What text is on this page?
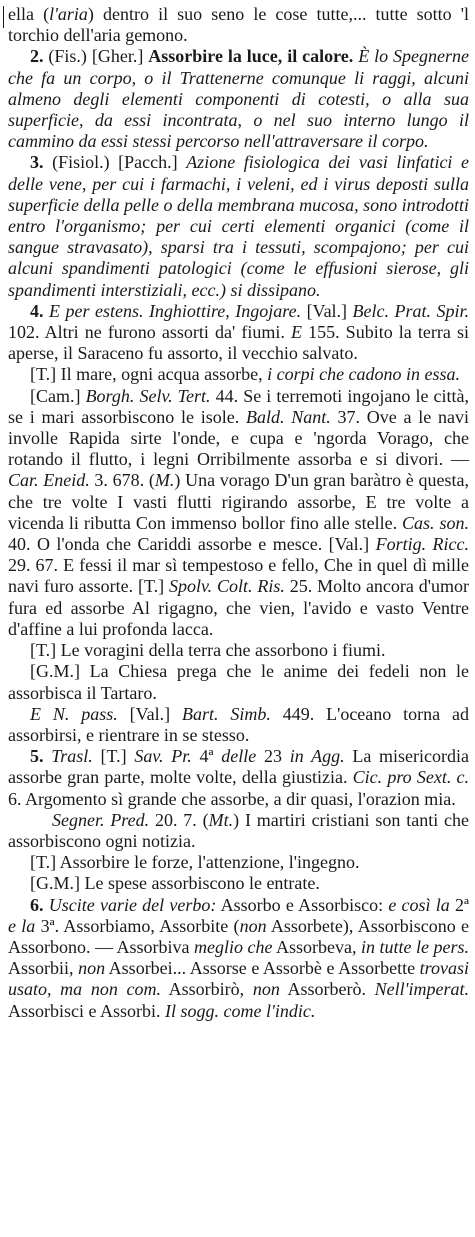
ella (l'aria) dentro il suo seno le cose tutte,... tutte sotto 'l torchio dell'aria gemono.

2. (Fis.) [Gher.] Assorbire la luce, il calore. È lo Spegnerne che fa un corpo, o il Trattenerne comunque li raggi, alcuni almeno degli elementi componenti di cotesti, o alla sua superficie, da essi incontrata, o nel suo interno lungo il cammino da essi stessi percorso nell'attraversare il corpo.

3. (Fisiol.) [Pacch.] Azione fisiologica dei vasi linfatici e delle vene, per cui i farmachi, i veleni, ed i virus deposti sulla superficie della pelle o della membrana mucosa, sono introdotti entro l'organismo; per cui certi elementi organici (come il sangue stravasato), sparsi tra i tessuti, scompajono; per cui alcuni spandimenti patologici (come le effusioni sierose, gli spandimenti interstiziali, ecc.) si dissipano.

4. E per estens. Inghiottire, Ingojare. [Val.] Belc. Prat. Spir. 102. Altri ne furono assorti da' fiumi. E 155. Subito la terra si aperse, il Saraceno fu assorto, il vecchio salvato.

[T.] Il mare, ogni acqua assorbe, i corpi che cadono in essa.

[Cam.] Borgh. Selv. Tert. 44. Se i terremoti ingojano le città, se i mari assorbiscono le isole. Bald. Nant. 37. Ove a le navi involle Rapida sirte l'onde, e cupa e 'ngorda Vorago, che rotando il flutto, i legni Orribilmente assorba e si divori. — Car. Eneid. 3. 678. (M.) Una vorago D'un gran baràtro è questa, che tre volte I vasti flutti rigirando assorbe, E tre volte a vicenda li ributta Con immenso bollor fino alle stelle. Cas. son. 40. O l'onda che Cariddi assorbe e mesce. [Val.] Fortig. Ricc. 29. 67. E fessi il mar sì tempestoso e fello, Che in quel dì mille navi furo assorte. [T.] Spolv. Colt. Ris. 25. Molto ancora d'umor fura ed assorbe Al rigagno, che vien, l'avido e vasto Ventre d'affine a lui profonda lacca.

[T.] Le voragini della terra che assorbono i fiumi.

[G.M.] La Chiesa prega che le anime dei fedeli non le assorbisca il Tartaro.

E N. pass. [Val.] Bart. Simb. 449. L'oceano torna ad assorbirsi, e rientrare in se stesso.

5. Trasl. [T.] Sav. Pr. 4ª delle 23 in Agg. La misericordia assorbe gran parte, molte volte, della giustizia. Cic. pro Sext. c. 6. Argomento sì grande che assorbe, a dir quasi, l'orazion mia.

Segner. Pred. 20. 7. (Mt.) I martiri cristiani son tanti che assorbiscono ogni notizia.

[T.] Assorbire le forze, l'attenzione, l'ingegno.

[G.M.] Le spese assorbiscono le entrate.

6. Uscite varie del verbo: Assorbo e Assorbisco: e così la 2ª e la 3ª. Assorbiamo, Assorbite (non Assorbete), Assorbiscono e Assorbono. — Assorbiva meglio che Assorbeva, in tutte le pers. Assorbii, non Assorbei... Assorse e Assorbè e Assorbette trovasi usato, ma non com. Assorbirò, non Assorberò. Nell'imperat. Assorbisci e Assorbi. Il sogg. come l'indic.
